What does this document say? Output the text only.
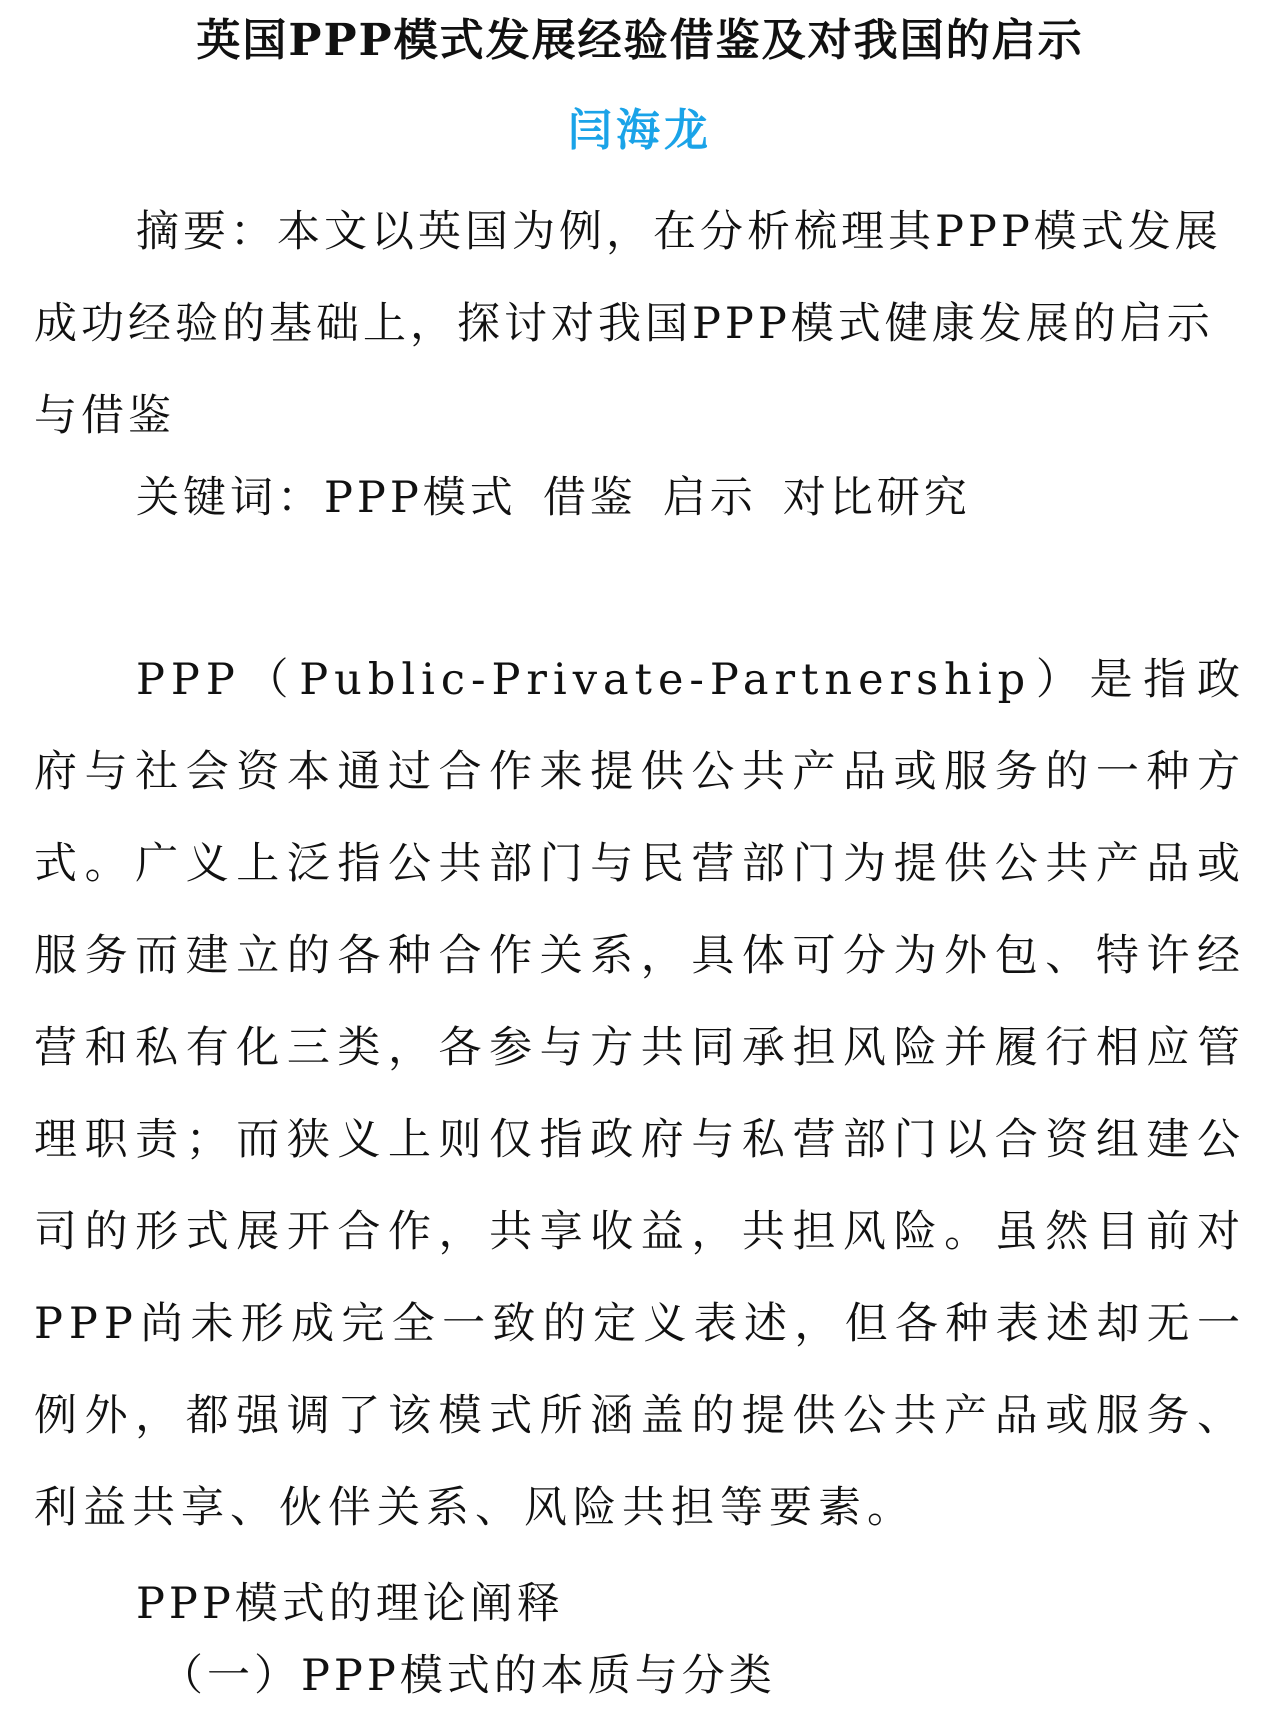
英国PPP模式发展经验借鉴及对我国的启示
闫海龙

摘要：本文以英国为例，在分析梳理其PPP模式发展成功经验的基础上，探讨对我国PPP模式健康发展的启示与借鉴

关键词：PPP模式 借鉴 启示 对比研究

PPP（Public-Private-Partnership）是指政府与社会资本通过合作来提供公共产品或服务的一种方式。广义上泛指公共部门与民营部门为提供公共产品或服务而建立的各种合作关系，具体可分为外包、特许经营和私有化三类，各参与方共同承担风险并履行相应管理职责；而狭义上则仅指政府与私营部门以合资组建公司的形式展开合作，共享收益，共担风险。虽然目前对PPP尚未形成完全一致的定义表述，但各种表述却无一例外，都强调了该模式所涵盖的提供公共产品或服务、利益共享、伙伴关系、风险共担等要素。

PPP模式的理论阐释
（一）PPP模式的本质与分类
